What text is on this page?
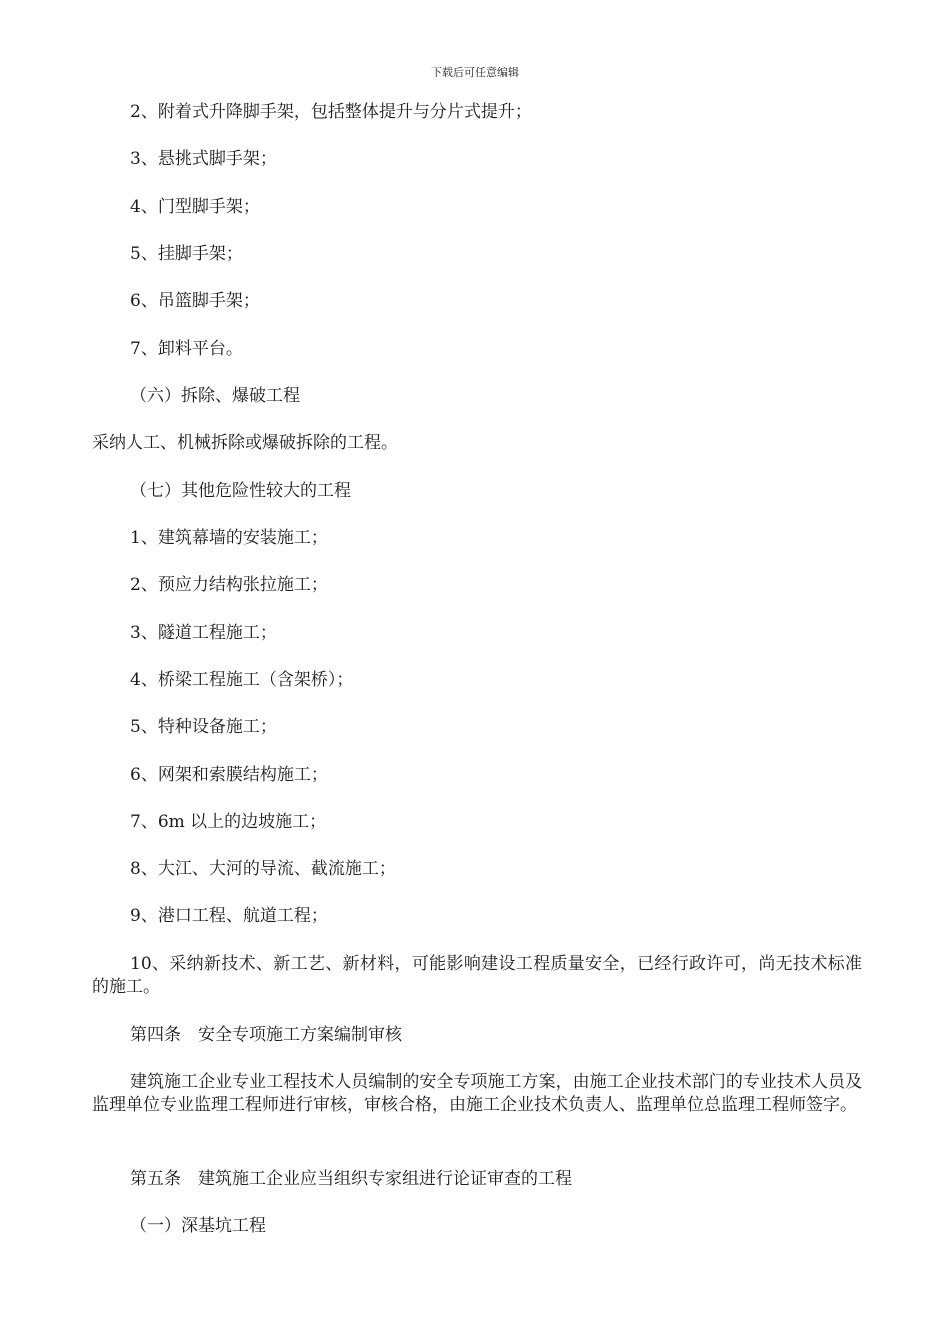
下载后可任意编辑
2、附着式升降脚手架，包括整体提升与分片式提升；
3、悬挑式脚手架；
4、门型脚手架；
5、挂脚手架；
6、吊篮脚手架；
7、卸料平台。
（六）拆除、爆破工程
采纳人工、机械拆除或爆破拆除的工程。
（七）其他危险性较大的工程
1、建筑幕墙的安装施工；
2、预应力结构张拉施工；
3、隧道工程施工；
4、桥梁工程施工（含架桥）；
5、特种设备施工；
6、网架和索膜结构施工；
7、6m 以上的边坡施工；
8、大江、大河的导流、截流施工；
9、港口工程、航道工程；
10、采纳新技术、新工艺、新材料，可能影响建设工程质量安全，已经行政许可，尚无技术标准的施工。
第四条　安全专项施工方案编制审核
建筑施工企业专业工程技术人员编制的安全专项施工方案，由施工企业技术部门的专业技术人员及监理单位专业监理工程师进行审核，审核合格，由施工企业技术负责人、监理单位总监理工程师签字。
第五条　建筑施工企业应当组织专家组进行论证审查的工程
（一）深基坑工程
